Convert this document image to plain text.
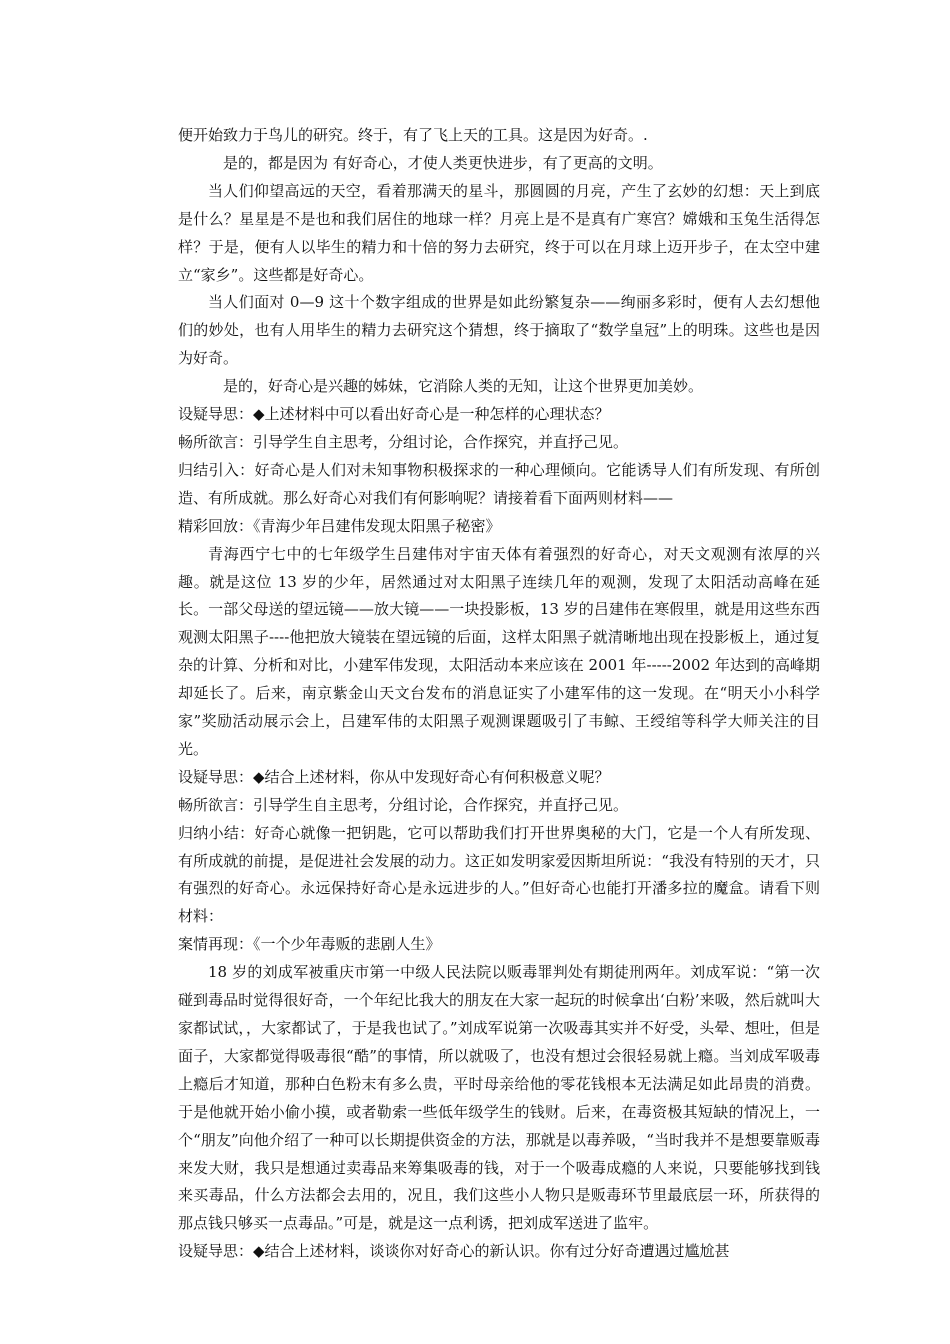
便开始致力于鸟儿的研究。终于，有了飞上天的工具。这是因为好奇。.

是的，都是因为 有好奇心，才使人类更快进步，有了更高的文明。

当人们仰望高远的天空，看着那满天的星斗，那圆圆的月亮，产生了玄妙的幻想：天上到底是什么？星星是不是也和我们居住的地球一样？月亮上是不是真有广寒宫？嫦娥和玉兔生活得怎样？于是，便有人以毕生的精力和十倍的努力去研究，终于可以在月球上迈开步子，在太空中建立“家乡”。这些都是好奇心。

当人们面对 0—9 这十个数字组成的世界是如此纷繁复杂——绚丽多彩时，便有人去幻想他们的妙处，也有人用毕生的精力去研究这个猜想，终于摘取了“数学皇冠”上的明珠。这些也是因为好奇。

是的，好奇心是兴趣的姊妹，它消除人类的无知，让这个世界更加美妙。

设疑导思：◆上述材料中可以看出好奇心是一种怎样的心理状态？

畅所欲言：引导学生自主思考，分组讨论，合作探究，并直抒己见。

归结引入：好奇心是人们对未知事物积极探求的一种心理倾向。它能诱导人们有所发现、有所创造、有所成就。那么好奇心对我们有何影响呢？请接着看下面两则材料——

精彩回放：《青海少年吕建伟发现太阳黑子秘密》

青海西宁七中的七年级学生吕建伟对宇宙天体有着强烈的好奇心，对天文观测有浓厚的兴趣。就是这位 13 岁的少年，居然通过对太阳黑子连续几年的观测，发现了太阳活动高峰在延长。一部父母送的望远镜——放大镜——一块投影板，13 岁的吕建伟在寒假里，就是用这些东西观测太阳黑子----他把放大镜装在望远镜的后面，这样太阳黑子就清晰地出现在投影板上，通过复杂的计算、分析和对比，小建军伟发现，太阳活动本来应该在 2001 年-----2002 年达到的高峰期却延长了。后来，南京紫金山天文台发布的消息证实了小建军伟的这一发现。在“明天小小科学家”奖励活动展示会上，吕建军伟的太阳黑子观测课题吸引了韦鲸、王绶绾等科学大师关注的目光。

设疑导思：◆结合上述材料，你从中发现好奇心有何积极意义呢？

畅所欲言：引导学生自主思考，分组讨论，合作探究，并直抒己见。

归纳小结：好奇心就像一把钥匙，它可以帮助我们打开世界奥秘的大门，它是一个人有所发现、有所成就的前提，是促进社会发展的动力。这正如发明家爱因斯坦所说：“我没有特别的天才，只有强烈的好奇心。永远保持好奇心是永远进步的人。”但好奇心也能打开潘多拉的魔盒。请看下则材料：

案情再现：《一个少年毒贩的悲剧人生》

18 岁的刘成军被重庆市第一中级人民法院以贩毒罪判处有期徒刑两年。刘成军说：“第一次碰到毒品时觉得很好奇，一个年纪比我大的朋友在大家一起玩的时候拿出‘白粉’来吸，然后就叫大家都试试，，大家都试了，于是我也试了。”刘成军说第一次吸毒其实并不好受，头晕、想吐，但是面子，大家都觉得吸毒很“酷”的事情，所以就吸了，也没有想过会很轻易就上瘾。当刘成军吸毒上瘾后才知道，那种白色粉末有多么贵，平时母亲给他的零花钱根本无法满足如此昂贵的消费。于是他就开始小偷小摸，或者勒索一些低年级学生的钱财。后来，在毒资极其短缺的情况上，一个“朋友”向他介绍了一种可以长期提供资金的方法，那就是以毒养吸，“当时我并不是想要靠贩毒来发大财，我只是想通过卖毒品来筹集吸毒的钱，对于一个吸毒成瘾的人来说，只要能够找到钱来买毒品，什么方法都会去用的，况且，我们这些小人物只是贩毒环节里最底层一环，所获得的那点钱只够买一点毒品。”可是，就是这一点利诱，把刘成军送进了监牢。

设疑导思：◆结合上述材料，谈谈你对好奇心的新认识。你有过分好奇遭遇过尴尬甚
